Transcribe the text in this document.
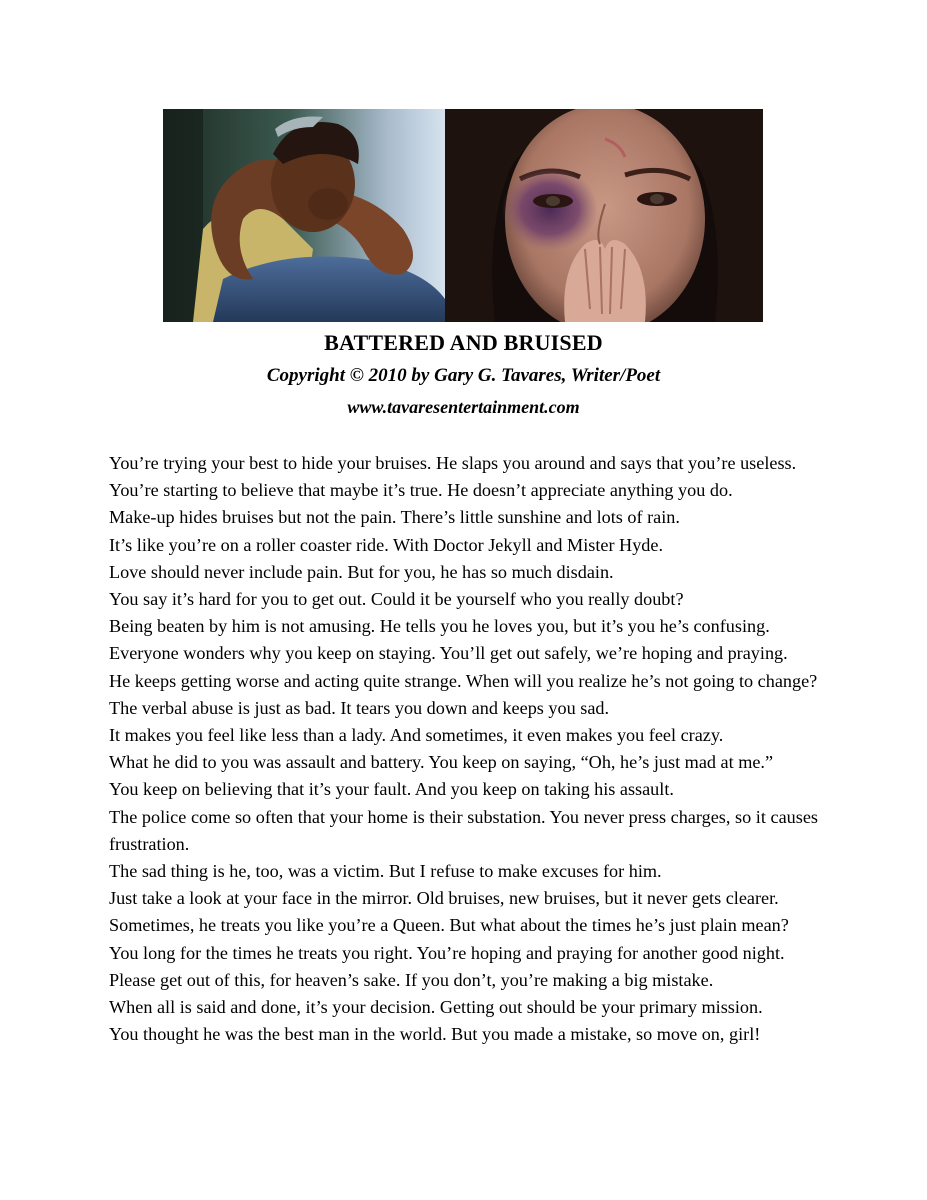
BATTERED AND BRUISED
Copyright © 2010 by Gary G. Tavares, Writer/Poet
www.tavaresentertainment.com

You’re trying your best to hide your bruises. He slaps you around and says that you’re useless.

You’re starting to believe that maybe it’s true. He doesn’t appreciate anything you do.

Make-up hides bruises but not the pain. There’s little sunshine and lots of rain.

It’s like you’re on a roller coaster ride. With Doctor Jekyll and Mister Hyde.

Love should never include pain. But for you, he has so much disdain.

You say it’s hard for you to get out. Could it be yourself who you really doubt?

Being beaten by him is not amusing. He tells you he loves you, but it’s you he’s confusing.

Everyone wonders why you keep on staying. You’ll get out safely, we’re hoping and praying.

He keeps getting worse and acting quite strange. When will you realize he’s not going to change?

The verbal abuse is just as bad. It tears you down and keeps you sad.

It makes you feel like less than a lady. And sometimes, it even makes you feel crazy.

What he did to you was assault and battery. You keep on saying, “Oh, he’s just mad at me.”

You keep on believing that it’s your fault. And you keep on taking his assault.

The police come so often that your home is their substation. You never press charges, so it causes frustration.

The sad thing is he, too, was a victim. But I refuse to make excuses for him.

Just take a look at your face in the mirror. Old bruises, new bruises, but it never gets clearer.

Sometimes, he treats you like you’re a Queen. But what about the times he’s just plain mean?

You long for the times he treats you right. You’re hoping and praying for another good night.

Please get out of this, for heaven’s sake. If you don’t, you’re making a big mistake.

When all is said and done, it’s your decision. Getting out should be your primary mission.

You thought he was the best man in the world. But you made a mistake, so move on, girl!
